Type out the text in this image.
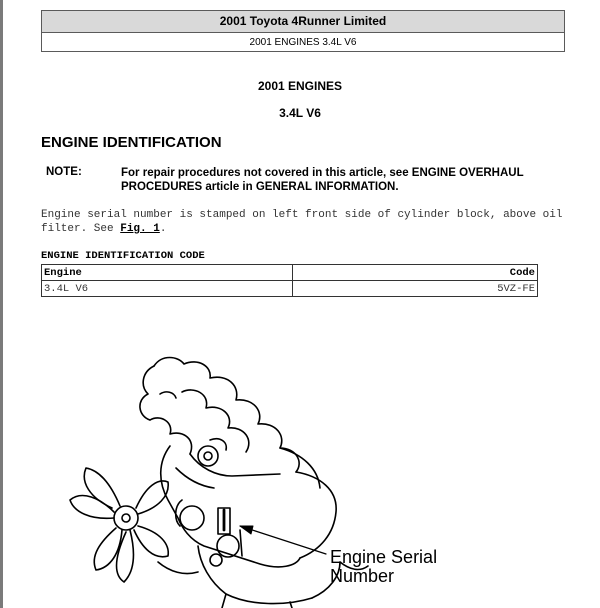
2001 Toyota 4Runner Limited
2001 ENGINES 3.4L V6
2001 ENGINES
3.4L V6
ENGINE IDENTIFICATION
NOTE:	For repair procedures not covered in this article, see ENGINE OVERHAUL PROCEDURES article in GENERAL INFORMATION.
Engine serial number is stamped on left front side of cylinder block, above oil filter. See Fig. 1.
ENGINE IDENTIFICATION CODE
Engine	Code
3.4L V6	5VZ-FE
Engine Serial
Number
